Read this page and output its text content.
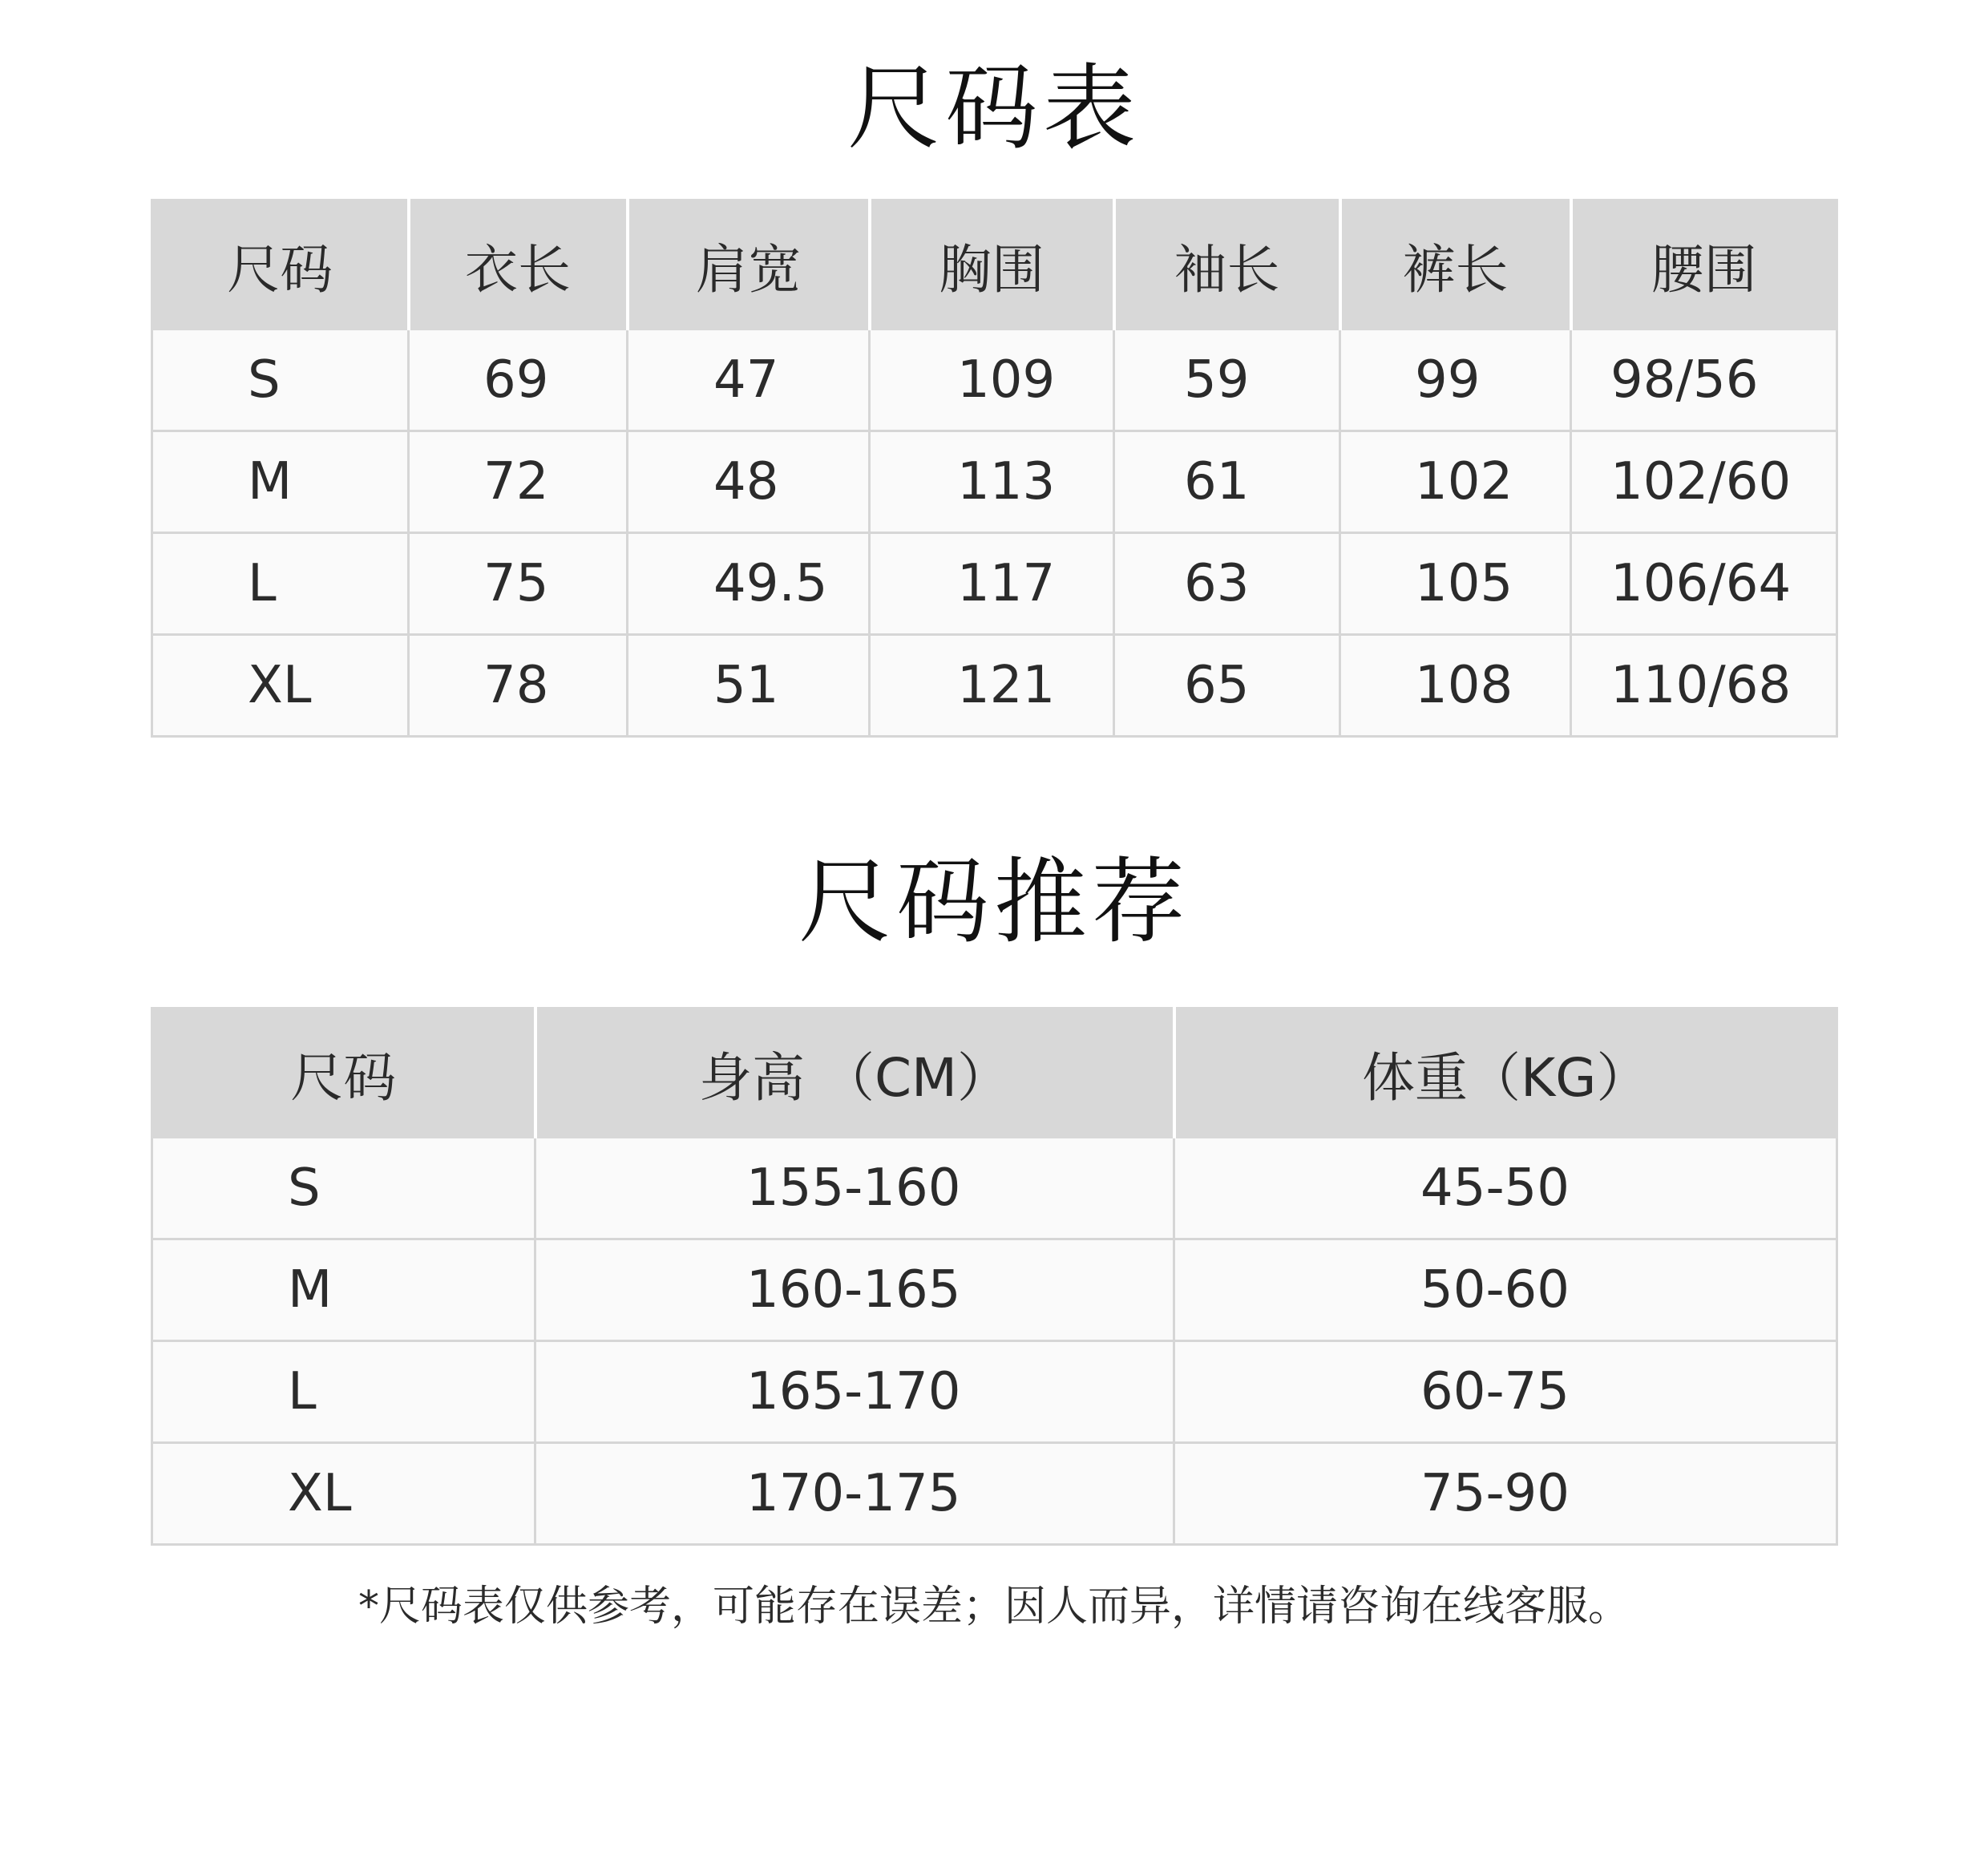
尺码表
尺码	衣长	肩宽	胸围	袖长	裤长	腰围
S	69	47	109	59	99	98/56
M	72	48	113	61	102	102/60
L	75	49.5	117	63	105	106/64
XL	78	51	121	65	108	110/68
尺码推荐
尺码	身高 （CM）	体重（KG）
S	155-160	45-50
M	160-165	50-60
L	165-170	60-75
XL	170-175	75-90
*尺码表仅供参考，可能存在误差；因人而异，详情请咨询在线客服。
